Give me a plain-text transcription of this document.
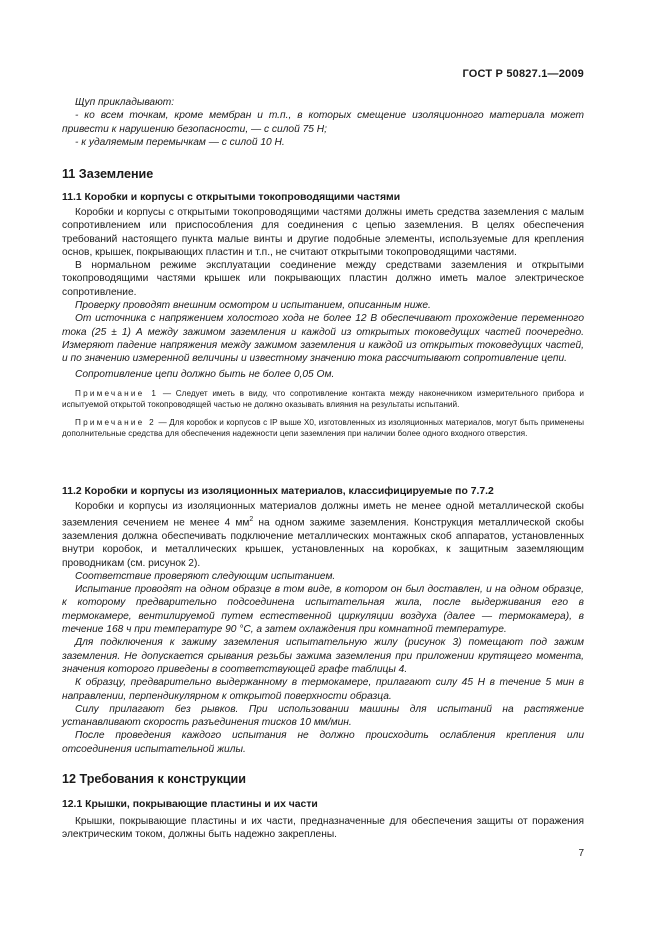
ГОСТ Р 50827.1—2009

Щуп прикладывают:

- ко всем точкам, кроме мембран и т.п., в которых смещение изоляционного материала может привести к нарушению безопасности, — с силой 75 Н;

- к удаляемым перемычкам — с силой 10 Н.

11 Заземление

11.1 Коробки и корпусы с открытыми токопроводящими частями

Коробки и корпусы с открытыми токопроводящими частями должны иметь средства заземления с малым сопротивлением или приспособления для соединения с цепью заземления. В целях обеспечения требований настоящего пункта малые винты и другие подобные элементы, используемые для крепления основ, крышек, покрывающих пластин и т.п., не считают открытыми токопроводящими частями.

В нормальном режиме эксплуатации соединение между средствами заземления и открытыми токопроводящими частями крышек или покрывающих пластин должно иметь малое электрическое сопротивление.

Проверку проводят внешним осмотром и испытанием, описанным ниже.

От источника с напряжением холостого хода не более 12 В обеспечивают прохождение переменного тока (25 ± 1) А между зажимом заземления и каждой из открытых токоведущих частей поочередно. Измеряют падение напряжения между зажимом заземления и каждой из открытых токоведущих частей, и по значению измеренной величины и известному значению тока рассчитывают сопротивление цепи.

Сопротивление цепи должно быть не более 0,05 Ом.

Примечание 1 — Следует иметь в виду, что сопротивление контакта между наконечником измерительного прибора и испытуемой открытой токопроводящей частью не должно оказывать влияния на результаты испытаний.

Примечание 2 — Для коробок и корпусов с IP выше X0, изготовленных из изоляционных материалов, могут быть применены дополнительные средства для обеспечения надежности цепи заземления при наличии более одного входного отверстия.

11.2 Коробки и корпусы из изоляционных материалов, классифицируемые по 7.7.2

Коробки и корпусы из изоляционных материалов должны иметь не менее одной металлической скобы заземления сечением не менее 4 $мм^2$ на одном зажиме заземления. Конструкция металлической скобы заземления должна обеспечивать подключение металлических монтажных скоб аппаратов, установленных внутри коробок, и металлических крышек, установленных на коробках, к защитным заземляющим проводникам (см. рисунок 2).

Соответствие проверяют следующим испытанием.

Испытание проводят на одном образце в том виде, в котором он был доставлен, и на одном образце, к которому предварительно подсоединена испытательная жила, после выдерживания его в термокамере, вентилируемой путем естественной циркуляции воздуха (далее — термокамера), в течение 168 ч при температуре 90 °C, а затем охлаждения при комнатной температуре.

Для подключения к зажиму заземления испытательную жилу (рисунок 3) помещают под зажим заземления. Не допускается срывания резьбы зажима заземления при приложении крутящего момента, значения которого приведены в соответствующей графе таблицы 4.

К образцу, предварительно выдержанному в термокамере, прилагают силу 45 Н в течение 5 мин в направлении, перпендикулярном к открытой поверхности образца.

Силу прилагают без рывков. При использовании машины для испытаний на растяжение устанавливают скорость разъединения тисков 10 мм/мин.

После проведения каждого испытания не должно происходить ослабления крепления или отсоединения испытательной жилы.

12 Требования к конструкции

12.1 Крышки, покрывающие пластины и их части

Крышки, покрывающие пластины и их части, предназначенные для обеспечения защиты от поражения электрическим током, должны быть надежно закреплены.

7
